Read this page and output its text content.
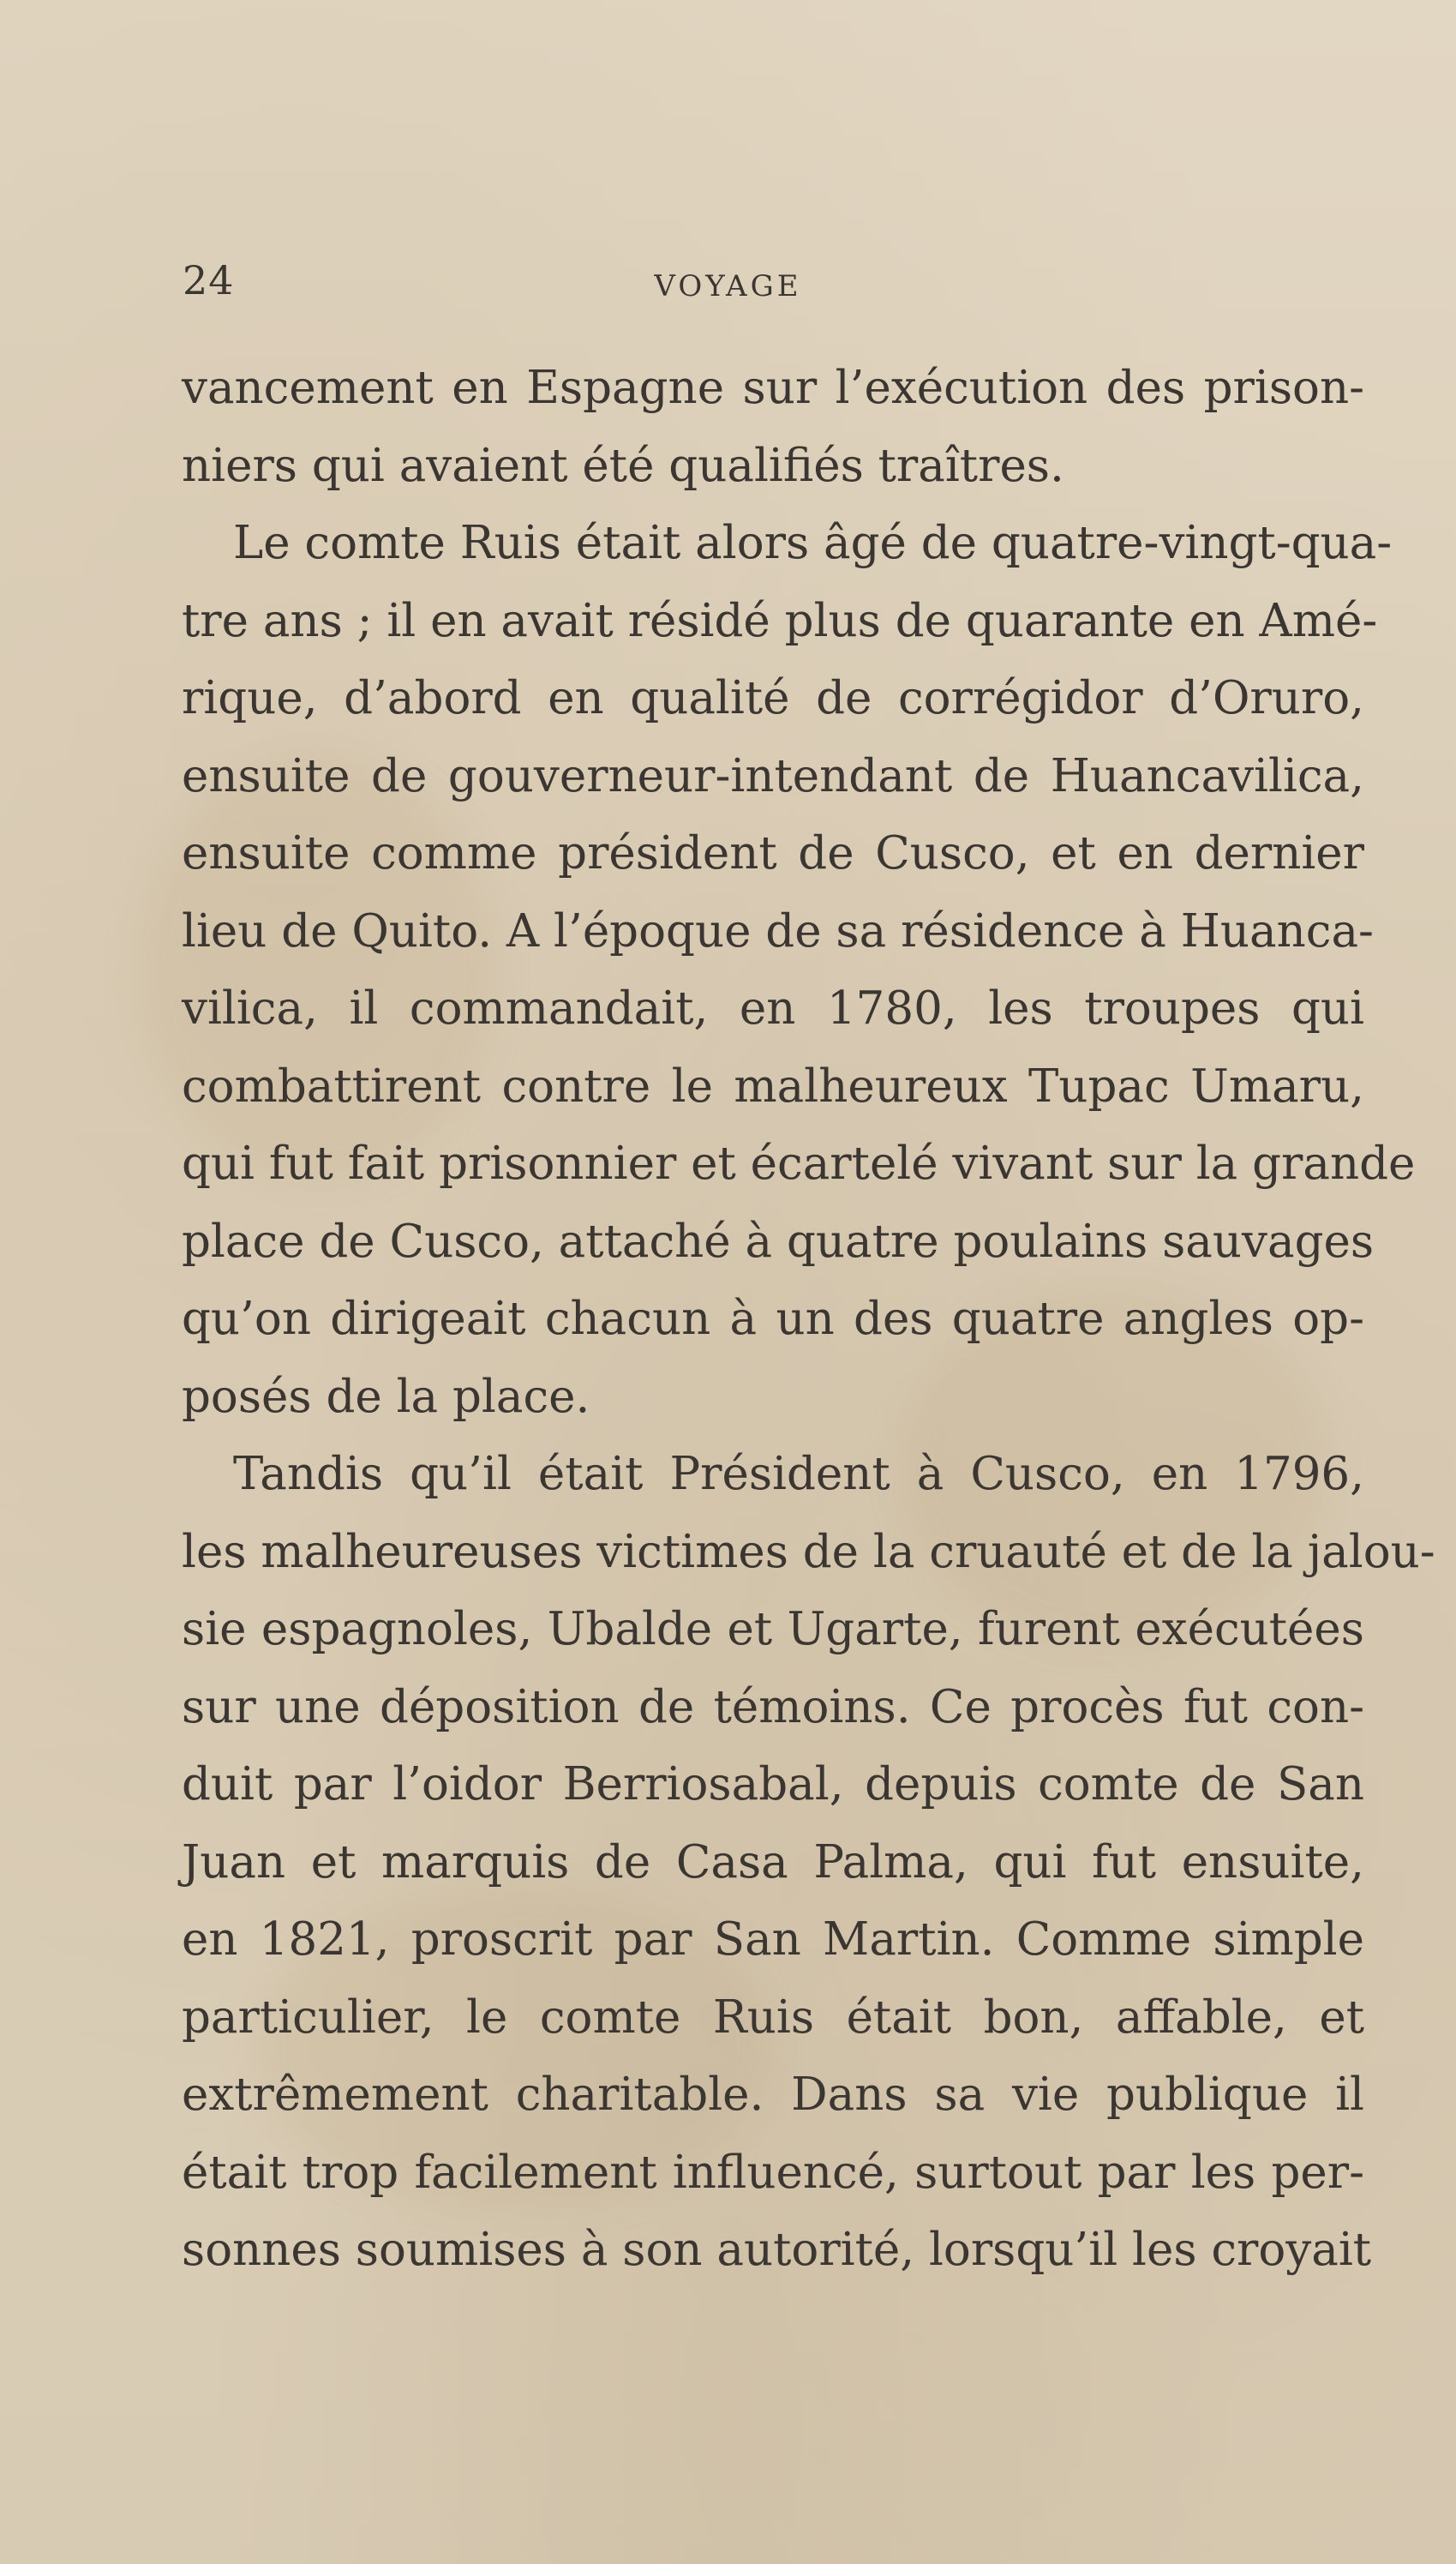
24	VOYAGE
vancement en Espagne sur l’exécution des prison-
niers qui avaient été qualifiés traîtres.
Le comte Ruis était alors âgé de quatre-vingt-qua-
tre ans ; il en avait résidé plus de quarante en Amé-
rique, d’abord en qualité de corrégidor d’Oruro,
ensuite de gouverneur-intendant de Huancavilica,
ensuite comme président de Cusco, et en dernier
lieu de Quito. A l’époque de sa résidence à Huanca-
vilica, il commandait, en 1780, les troupes qui
combattirent contre le malheureux Tupac Umaru,
qui fut fait prisonnier et écartelé vivant sur la grande
place de Cusco, attaché à quatre poulains sauvages
qu’on dirigeait chacun à un des quatre angles op-
posés de la place.
Tandis qu’il était Président à Cusco, en 1796,
les malheureuses victimes de la cruauté et de la jalou-
sie espagnoles, Ubalde et Ugarte, furent exécutées
sur une déposition de témoins. Ce procès fut con-
duit par l’oidor Berriosabal, depuis comte de San
Juan et marquis de Casa Palma, qui fut ensuite,
en 1821, proscrit par San Martin. Comme simple
particulier, le comte Ruis était bon, affable, et
extrêmement charitable. Dans sa vie publique il
était trop facilement influencé, surtout par les per-
sonnes soumises à son autorité, lorsqu’il les croyait
